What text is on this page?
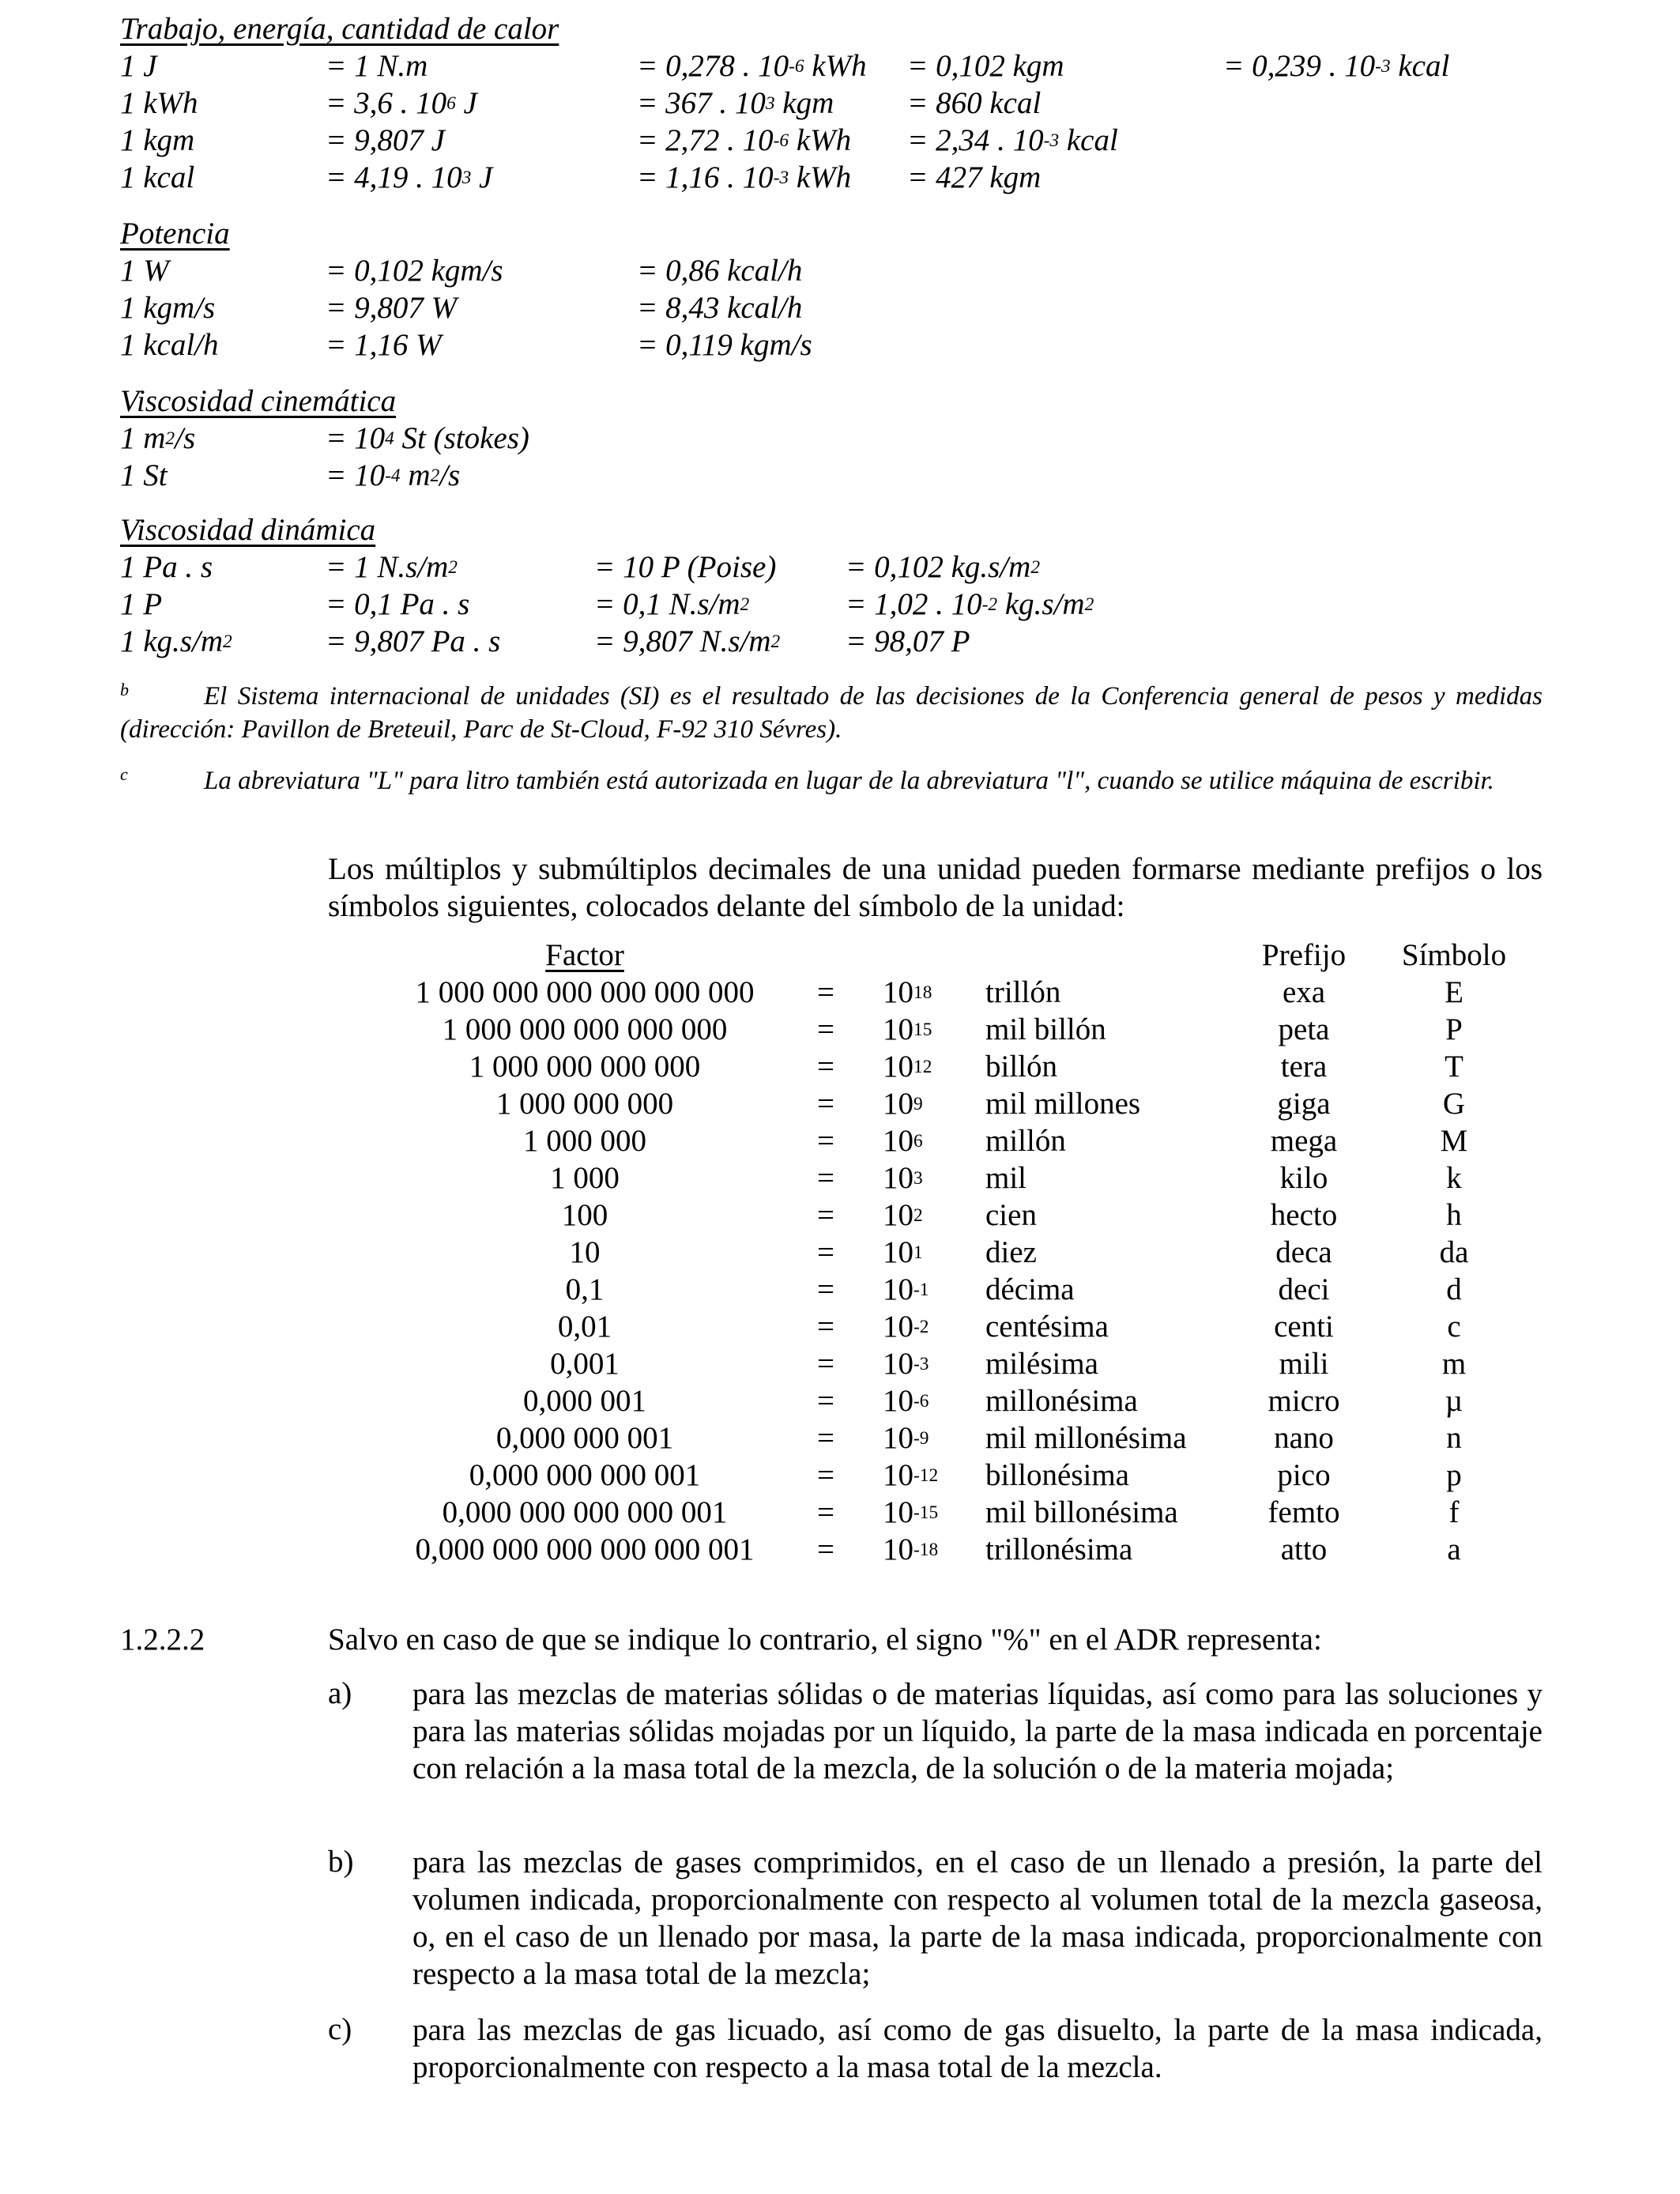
Trabajo, energía, cantidad de calor
1 J	= 1 N.m	= 0,278 . $10^{-6}$ kWh = 0,102 kgm	= 0,239 . $10^{-3}$ kcal
1 kWh	= 3,6 . $10^6$ J	= 367 . $10^3$ kgm = 860 kcal
1 kgm	= 9,807 J	= 2,72 . $10^{-6}$ kWh = 2,34 . $10^{-3}$ kcal
1 kcal	= 4,19 . $10^3$ J	= 1,16 . $10^{-3}$ kWh = 427 kgm
Potencia
1 W	= 0,102 kgm/s	= 0,86 kcal/h
1 kgm/s	= 9,807 W	= 8,43 kcal/h
1 kcal/h	= 1,16 W	= 0,119 kgm/s
Viscosidad cinemática
1 $m^2/s$	= $10^4$ St (stokes)
1 St	= $10^{-4}$ $m^2/s$
Viscosidad dinámica
1 Pa . s	= 1 $N.s/m^2$	= 10 P (Poise) = 0,102 $kg.s/m^2$
1 P	= 0,1 Pa . s	= 0,1 $N.s/m^2$	= 1,02 . $10^{-2}$ $kg.s/m^2$
1 $kg.s/m^2$	= 9,807 Pa . s	= 9,807 $N.s/m^2 = 98,07$ P
b	El Sistema internacional de unidades (SI) es el resultado de las decisiones de la Conferencia general de pesos y medidas (dirección: Pavillon de Breteuil, Parc de St-Cloud, F-92 310 Sévres).
c	La abreviatura "L" para litro también está autorizada en lugar de la abreviatura "l", cuando se utilice máquina de escribir.
Los múltiplos y submúltiplos decimales de una unidad pueden formarse mediante prefijos o los símbolos siguientes, colocados delante del símbolo de la unidad:
Factor	Prefijo	Símbolo
1 000 000 000 000 000 000	=	$10^{18}$ trillón	exa	E
1 000 000 000 000 000	=	$10^{15}$ mil billón	peta	P
1 000 000 000 000	=	$10^{12}$ billón	tera	T
1 000 000 000	=	$10^9$ mil millones	giga	G
1 000 000	=	$10^6$ millón	mega	M
1 000	=	$10^3$ mil	kilo	k
100	=	$10^2$ cien	hecto	h
10	=	$10^1$ diez	deca	da
0,1	=	$10^{-1}$ décima	deci	d
0,01	=	$10^{-2}$ centésima	centi	c
0,001	=	$10^{-3}$ milésima	mili	m
0,000 001	=	$10^{-6}$ millonésima	micro	µ
0,000 000 001	=	$10^{-9}$ mil millonésima	nano	n
0,000 000 000 001	=	$10^{-12}$ billonésima	pico	p
0,000 000 000 000 001	=	$10^{-15}$ mil billonésima	femto	f
0,000 000 000 000 000 001	=	$10^{-18}$ trillonésima	atto	a
1.2.2.2	Salvo en caso de que se indique lo contrario, el signo "%" en el ADR representa:
a) para las mezclas de materias sólidas o de materias líquidas, así como para las soluciones y para las materias sólidas mojadas por un líquido, la parte de la masa indicada en porcentaje con relación a la masa total de la mezcla, de la solución o de la materia mojada;
b) para las mezclas de gases comprimidos, en el caso de un llenado a presión, la parte del volumen indicada, proporcionalmente con respecto al volumen total de la mezcla gaseosa, o, en el caso de un llenado por masa, la parte de la masa indicada, proporcionalmente con respecto a la masa total de la mezcla;
c) para las mezclas de gas licuado, así como de gas disuelto, la parte de la masa indicada, proporcionalmente con respecto a la masa total de la mezcla.
